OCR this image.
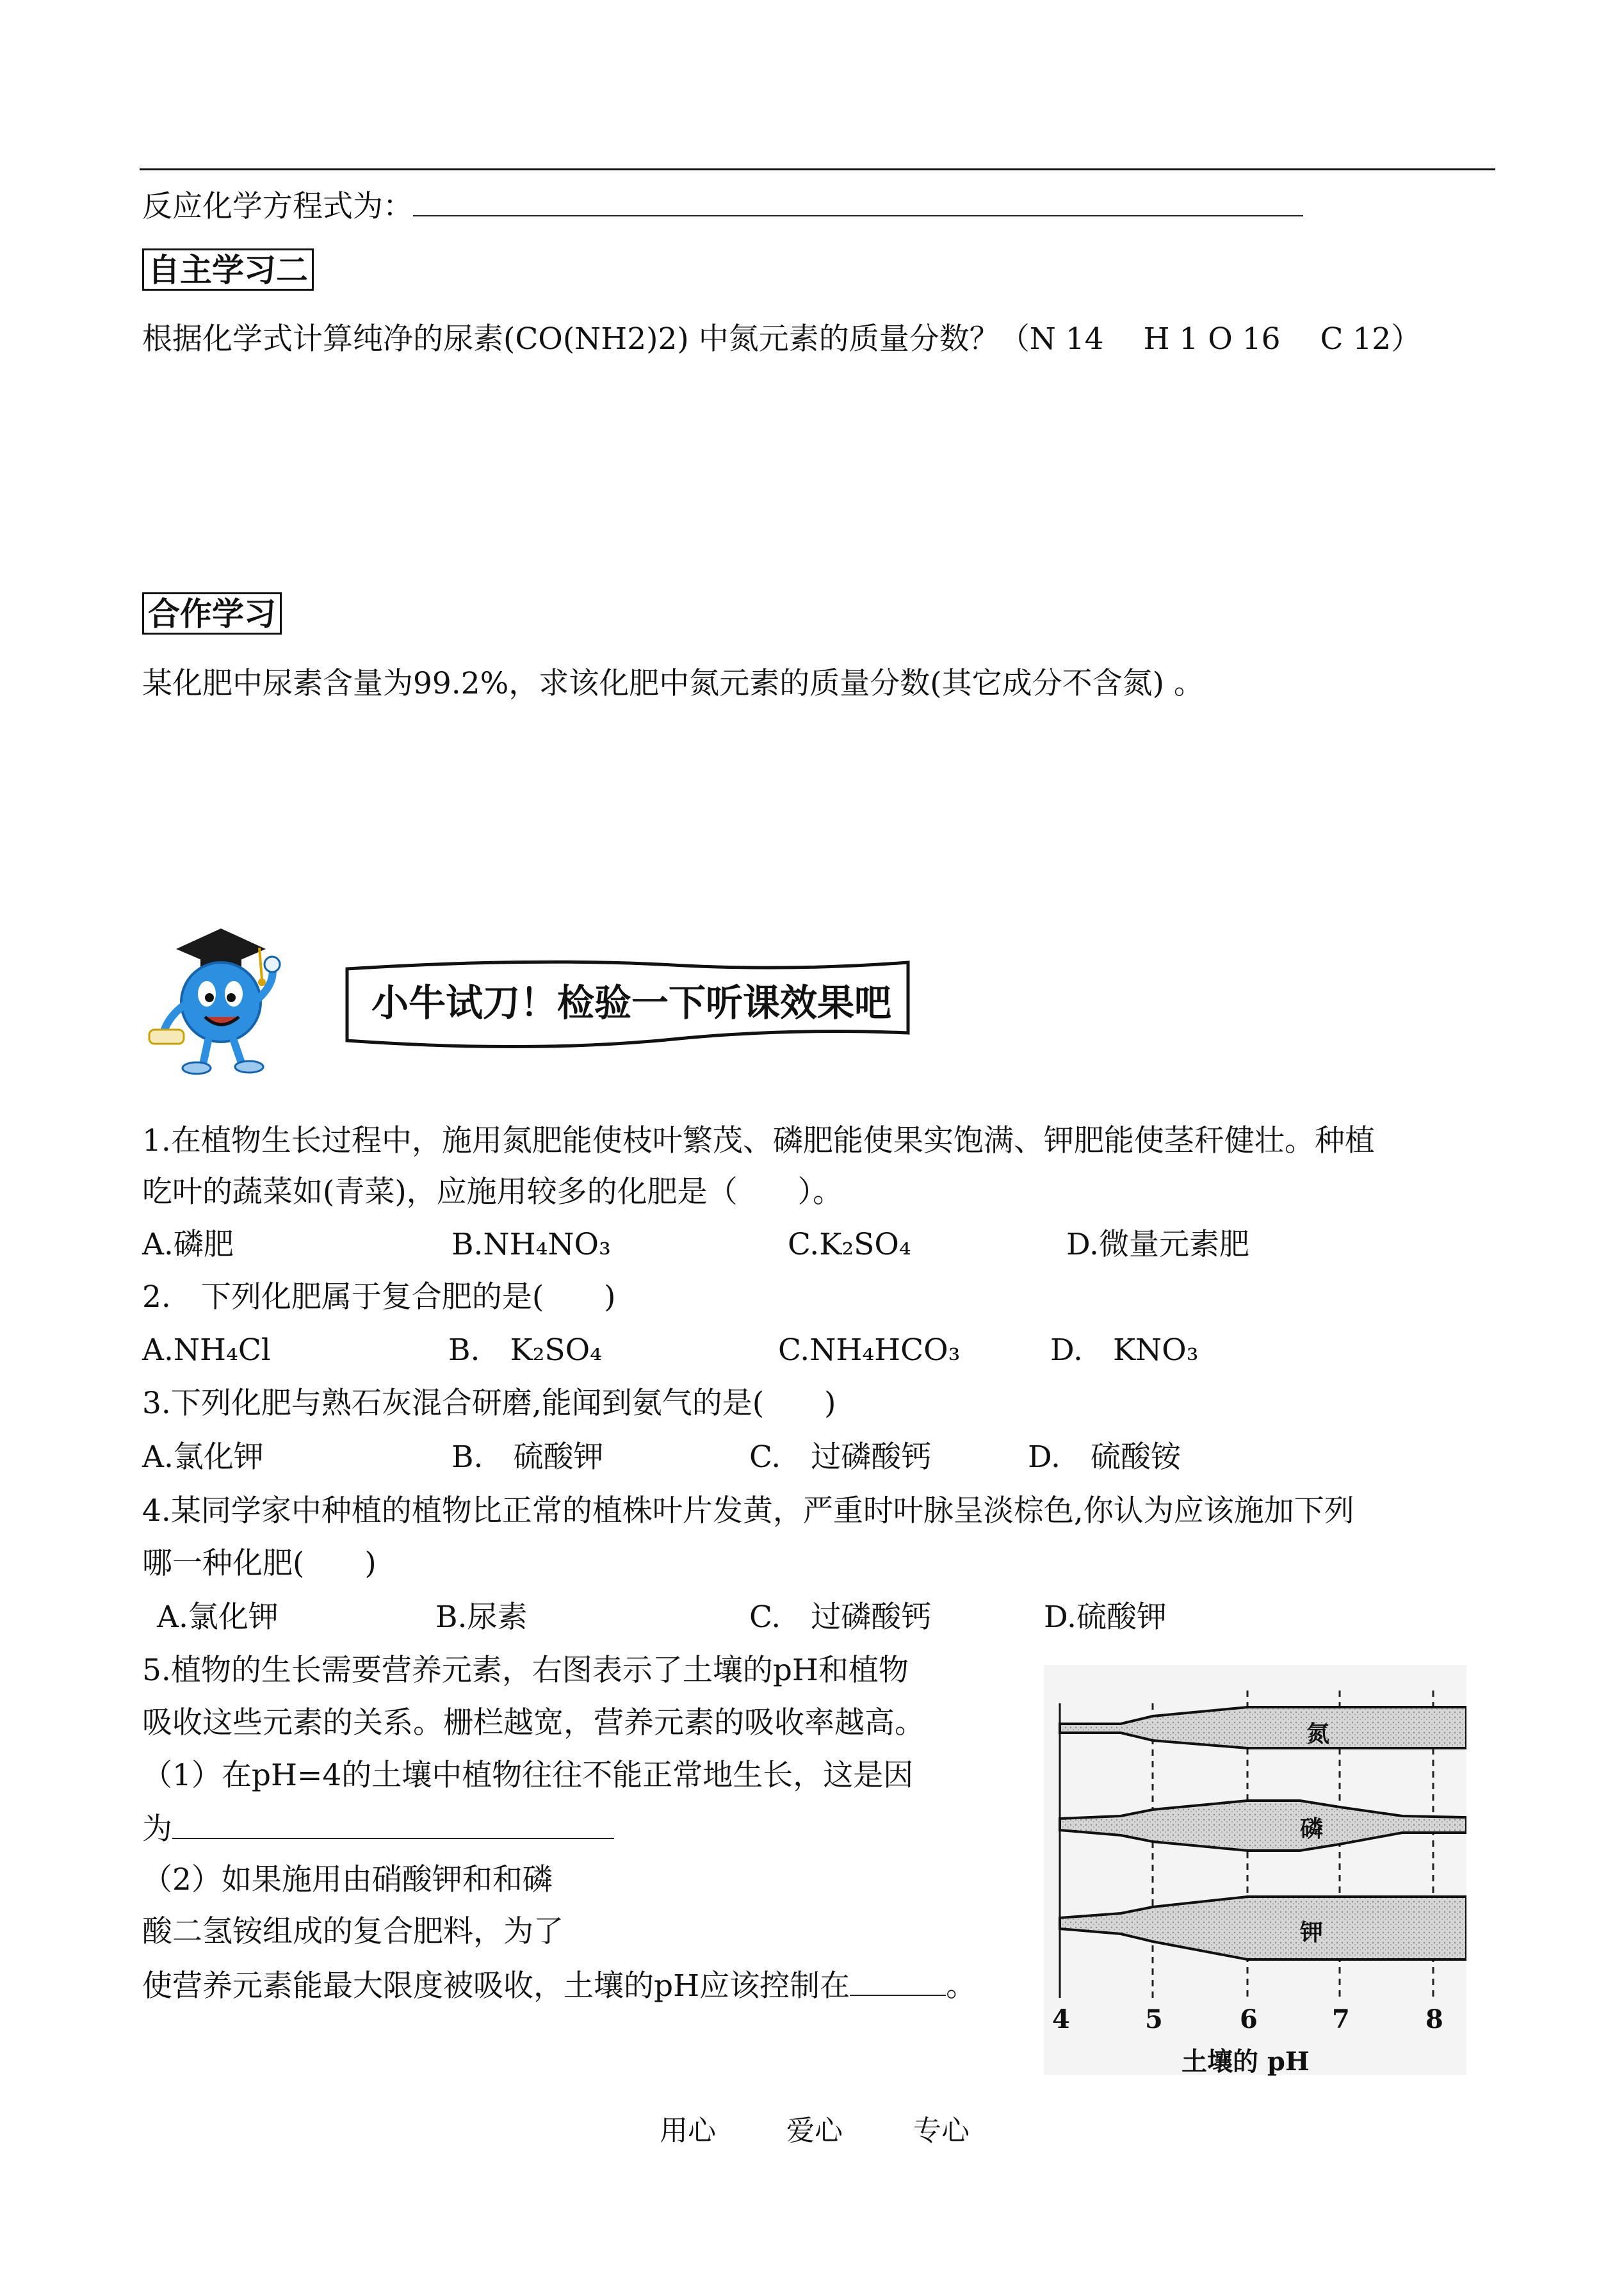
反应化学方程式为：
自主学习二
根据化学式计算纯净的尿素(CO(NH2)2) 中氮元素的质量分数？（N 14　 H 1 O 16　 C 12）
合作学习
某化肥中尿素含量为99.2%，求该化肥中氮元素的质量分数(其它成分不含氮) 。
小牛试刀！检验一下听课效果吧
1.在植物生长过程中，施用氮肥能使枝叶繁茂、磷肥能使果实饱满、钾肥能使茎秆健壮。种植
吃叶的蔬菜如(青菜)，应施用较多的化肥是（　　）。
A.磷肥	B.NH₄NO₃	C.K₂SO₄	D.微量元素肥
2.　下列化肥属于复合肥的是(　　)
A.NH₄Cl	B.　K₂SO₄	C.NH₄HCO₃	D.　KNO₃
3.下列化肥与熟石灰混合研磨,能闻到氨气的是(　　)
A.氯化钾	B.　硫酸钾	C.　过磷酸钙	D.　硫酸铵
4.某同学家中种植的植物比正常的植株叶片发黄，严重时叶脉呈淡棕色,你认为应该施加下列
哪一种化肥(　　)
A.氯化钾	B.尿素	C.　过磷酸钙	D.硫酸钾
5.植物的生长需要营养元素，右图表示了土壤的pH和植物
吸收这些元素的关系。栅栏越宽，营养元素的吸收率越高。
（1）在pH=4的土壤中植物往往不能正常地生长，这是因
为
（2）如果施用由硝酸钾和和磷
酸二氢铵组成的复合肥料，为了
使营养元素能最大限度被吸收，土壤的pH应该控制在	。
氮
磷
钾
4	5	6	7	8
土壤的 pH
用心	爱心	专心
